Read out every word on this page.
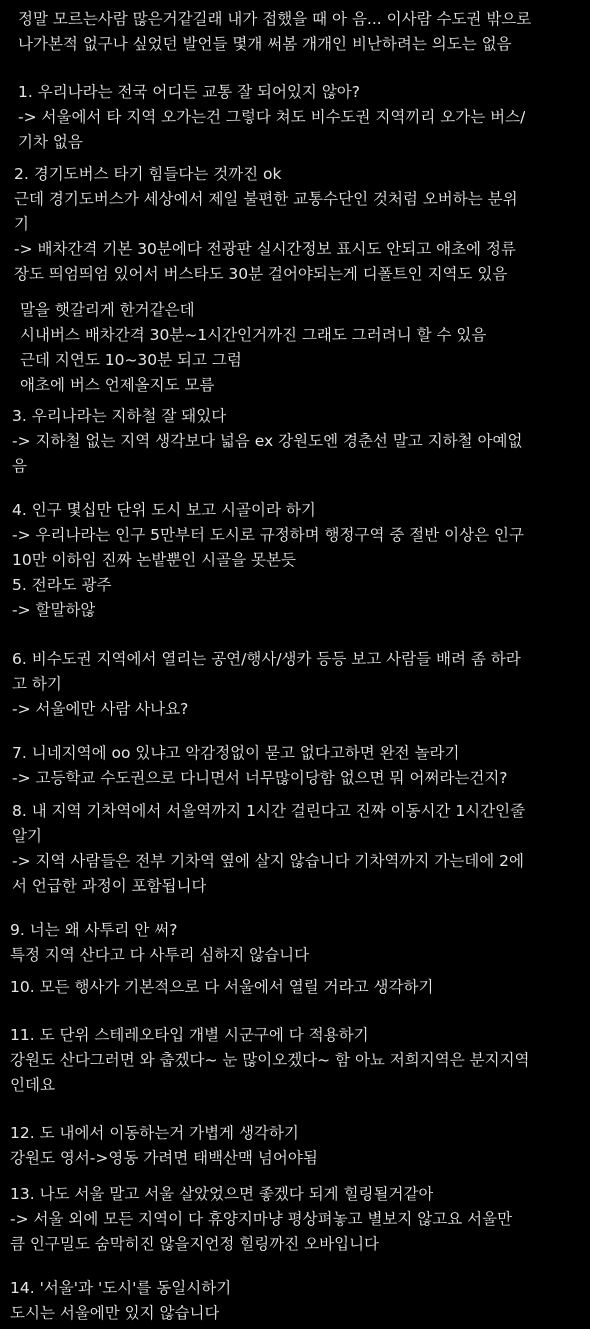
정말 모르는사람 많은거같길래 내가 접했을 때 아 음... 이사람 수도권 밖으로
나가본적 없구나 싶었던 발언들 몇개 써봄 개개인 비난하려는 의도는 없음
1. 우리나라는 전국 어디든 교통 잘 되어있지 않아?
-> 서울에서 타 지역 오가는건 그렇다 쳐도 비수도권 지역끼리 오가는 버스/
기차 없음
2. 경기도버스 타기 힘들다는 것까진 ok
근데 경기도버스가 세상에서 제일 불편한 교통수단인 것처럼 오버하는 분위
기
-> 배차간격 기본 30분에다 전광판 실시간정보 표시도 안되고 애초에 정류
장도 띄엄띄엄 있어서 버스타도 30분 걸어야되는게 디폴트인 지역도 있음
말을 햇갈리게 한거같은데
시내버스 배차간격 30분~1시간인거까진 그래도 그러려니 할 수 있음
근데 지연도 10~30분 되고 그럼
애초에 버스 언제올지도 모름
3. 우리나라는 지하철 잘 돼있다
-> 지하철 없는 지역 생각보다 넓음 ex 강원도엔 경춘선 말고 지하철 아예없
음
4. 인구 몇십만 단위 도시 보고 시골이라 하기
-> 우리나라는 인구 5만부터 도시로 규정하며 행정구역 중 절반 이상은 인구
10만 이하임 진짜 논밭뿐인 시골을 못본듯
5. 전라도 광주
-> 할말하않
6. 비수도권 지역에서 열리는 공연/행사/생카 등등 보고 사람들 배려 좀 하라
고 하기
-> 서울에만 사람 사나요?
7. 니네지역에 oo 있냐고 악감정없이 묻고 없다고하면 완전 놀라기
-> 고등학교 수도권으로 다니면서 너무많이당함 없으면 뭐 어쩌라는건지?
8. 내 지역 기차역에서 서울역까지 1시간 걸린다고 진짜 이동시간 1시간인줄
알기
-> 지역 사람들은 전부 기차역 옆에 살지 않습니다 기차역까지 가는데에 2에
서 언급한 과정이 포함됩니다
9. 너는 왜 사투리 안 써?
특정 지역 산다고 다 사투리 심하지 않습니다
10. 모든 행사가 기본적으로 다 서울에서 열릴 거라고 생각하기
11. 도 단위 스테레오타입 개별 시군구에 다 적용하기
강원도 산다그러면 와 춥겠다~ 눈 많이오겠다~ 함 아뇨 저희지역은 분지지역
인데요
12. 도 내에서 이동하는거 가볍게 생각하기
강원도 영서->영동 가려면 태백산맥 넘어야됨
13. 나도 서울 말고 서울 살았었으면 좋겠다 되게 힐링될거같아
-> 서울 외에 모든 지역이 다 휴양지마냥 평상펴놓고 별보지 않고요 서울만
큼 인구밀도 숨막히진 않을지언정 힐링까진 오바입니다
14. '서울'과 '도시'를 동일시하기
도시는 서울에만 있지 않습니다
